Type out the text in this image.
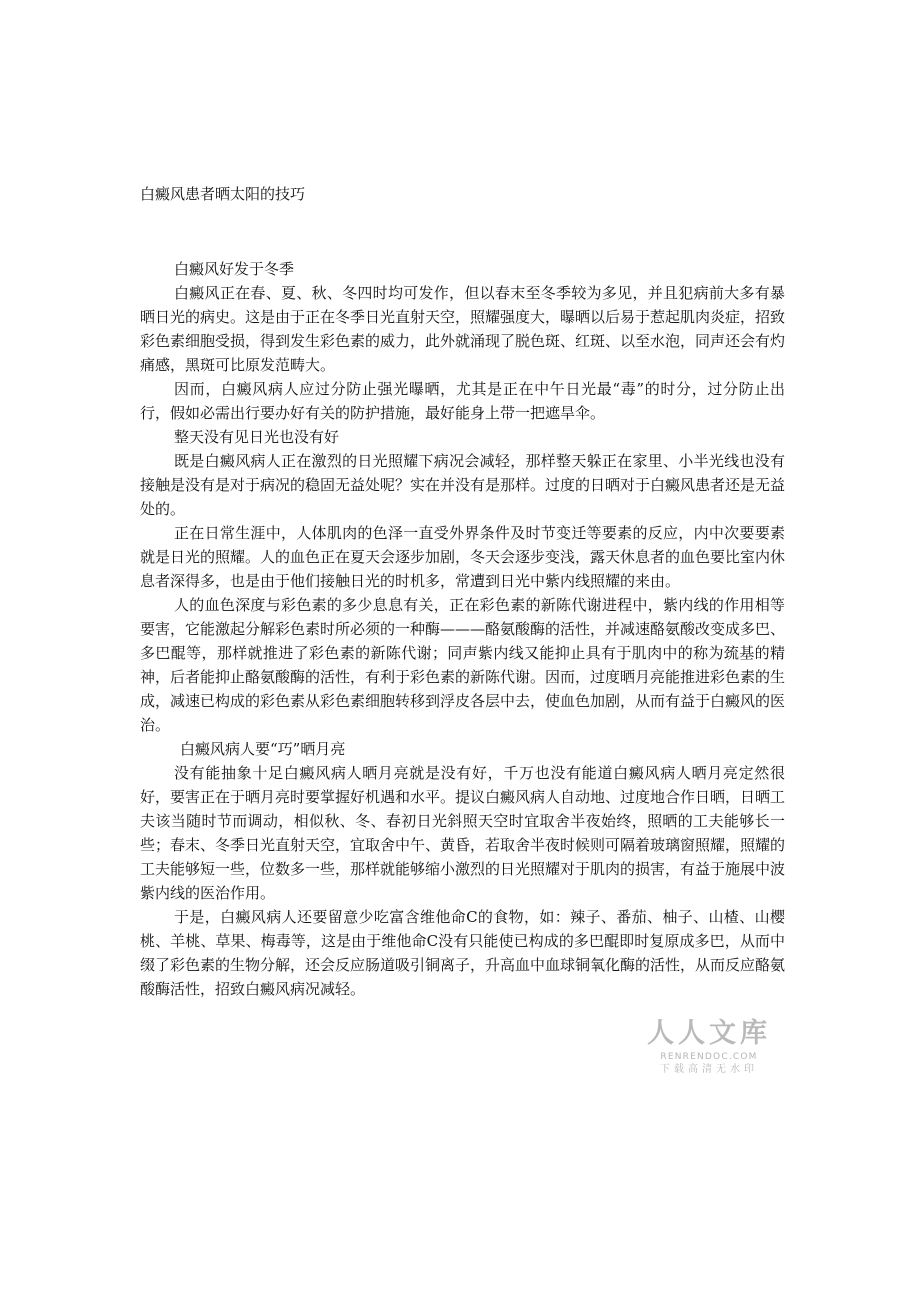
白癜风患者晒太阳的技巧

白癜风好发于冬季

白癜风正在春、夏、秋、冬四时均可发作，但以春末至冬季较为多见，并且犯病前大多有暴晒日光的病史。这是由于正在冬季日光直射天空，照耀强度大，曝晒以后易于惹起肌肉炎症，招致彩色素细胞受损，得到发生彩色素的威力，此外就涌现了脱色斑、红斑、以至水泡，同声还会有灼痛感，黑斑可比原发范畴大。

因而，白癜风病人应过分防止强光曝晒，尤其是正在中午日光最“毒”的时分，过分防止出行，假如必需出行要办好有关的防护措施，最好能身上带一把遮旱伞。

整天没有见日光也没有好

既是白癜风病人正在激烈的日光照耀下病况会减轻，那样整天躲正在家里、小半光线也没有接触是没有是对于病况的稳固无益处呢？实在并没有是那样。过度的日晒对于白癜风患者还是无益处的。

正在日常生涯中，人体肌肉的色泽一直受外界条件及时节变迁等要素的反应，内中次要要素就是日光的照耀。人的血色正在夏天会逐步加剧，冬天会逐步变浅，露天休息者的血色要比室内休息者深得多，也是由于他们接触日光的时机多，常遭到日光中紫内线照耀的来由。

人的血色深度与彩色素的多少息息有关，正在彩色素的新陈代谢进程中，紫内线的作用相等要害，它能激起分解彩色素时所必须的一种酶———酪氨酸酶的活性，并减速酪氨酸改变成多巴、多巴醌等，那样就推进了彩色素的新陈代谢；同声紫内线又能抑止具有于肌肉中的称为巯基的精神，后者能抑止酪氨酸酶的活性，有利于彩色素的新陈代谢。因而，过度晒月亮能推进彩色素的生成，减速已构成的彩色素从彩色素细胞转移到浮皮各层中去，使血色加剧，从而有益于白癜风的医治。

白癜风病人要“巧”晒月亮

没有能抽象十足白癜风病人晒月亮就是没有好，千万也没有能道白癜风病人晒月亮定然很好，要害正在于晒月亮时要掌握好机遇和水平。提议白癜风病人自动地、过度地合作日晒，日晒工夫该当随时节而调动，相似秋、冬、春初日光斜照天空时宜取舍半夜始终，照晒的工夫能够长一些；春末、冬季日光直射天空，宜取舍中午、黄昏，若取舍半夜时候则可隔着玻璃窗照耀，照耀的工夫能够短一些，位数多一些，那样就能够缩小激烈的日光照耀对于肌肉的损害，有益于施展中波紫内线的医治作用。

于是，白癜风病人还要留意少吃富含维他命C的食物，如：辣子、番茄、柚子、山楂、山樱桃、羊桃、草果、梅毒等，这是由于维他命C没有只能使已构成的多巴醌即时复原成多巴，从而中缀了彩色素的生物分解，还会反应肠道吸引铜离子，升高血中血球铜氧化酶的活性，从而反应酪氨酸酶活性，招致白癜风病况减轻。

人人文库
RENRENDOC.COM
下载高清无水印
